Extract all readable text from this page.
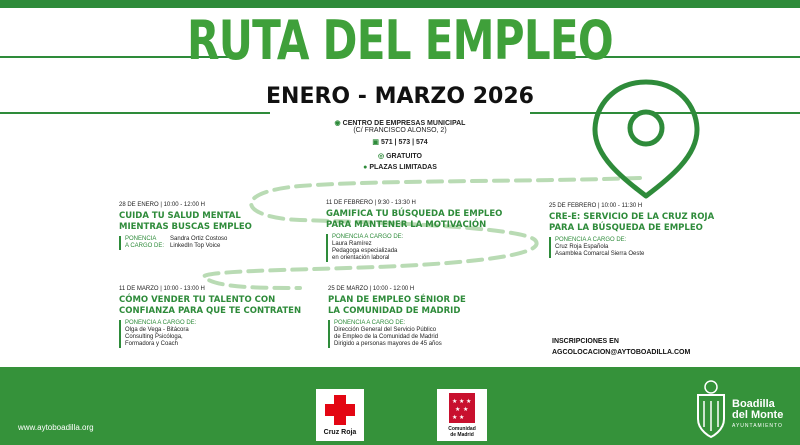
RUTA DEL EMPLEO
ENERO - MARZO 2026
◉ CENTRO DE EMPRESAS MUNICIPAL
(C/ FRANCISCO ALONSO, 2)
▣ 571 | 573 | 574
◎ GRATUITO
● PLAZAS LIMITADAS
28 DE ENERO | 10:00 - 12:00 H
CUIDA TU SALUD MENTAL
MIENTRAS BUSCAS EMPLEO
PONENCIA
A CARGO DE:
Sandra Ortiz Costoso
LinkedIn Top Voice
11 DE FEBRERO | 9:30 - 13:30 H
GAMIFICA TU BÚSQUEDA DE EMPLEO
PARA MANTENER LA MOTIVACIÓN
PONENCIA A CARGO DE:
Laura Ramírez
Pedagoga especializada
en orientación laboral
25 DE FEBRERO | 10:00 - 11:30 H
CRE-E: SERVICIO DE LA CRUZ ROJA
PARA LA BÚSQUEDA DE EMPLEO
PONENCIA A CARGO DE:
Cruz Roja Española
Asamblea Comarcal Sierra Oeste
11 DE MARZO | 10:00 - 13:00 H
CÓMO VENDER TU TALENTO CON
CONFIANZA PARA QUE TE CONTRATEN
PONENCIA A CARGO DE:
Olga de Vega - Bitácora
Consulting Psicóloga,
Formadora y Coach
25 DE MARZO | 10:00 - 12:00 H
PLAN DE EMPLEO SÉNIOR DE
LA COMUNIDAD DE MADRID
PONENCIA A CARGO DE:
Dirección General del Servicio Público
de Empleo de la Comunidad de Madrid
Dirigido a personas mayores de 45 años	INSCRIPCIONES EN
AGCOLOCACION@AYTOBOADILLA.COM
www.aytoboadilla.org
Cruz Roja
★ ★ ★
★ ★
★ ★
Comunidad
de Madrid
Boadilla
del Monte
AYUNTAMIENTO
